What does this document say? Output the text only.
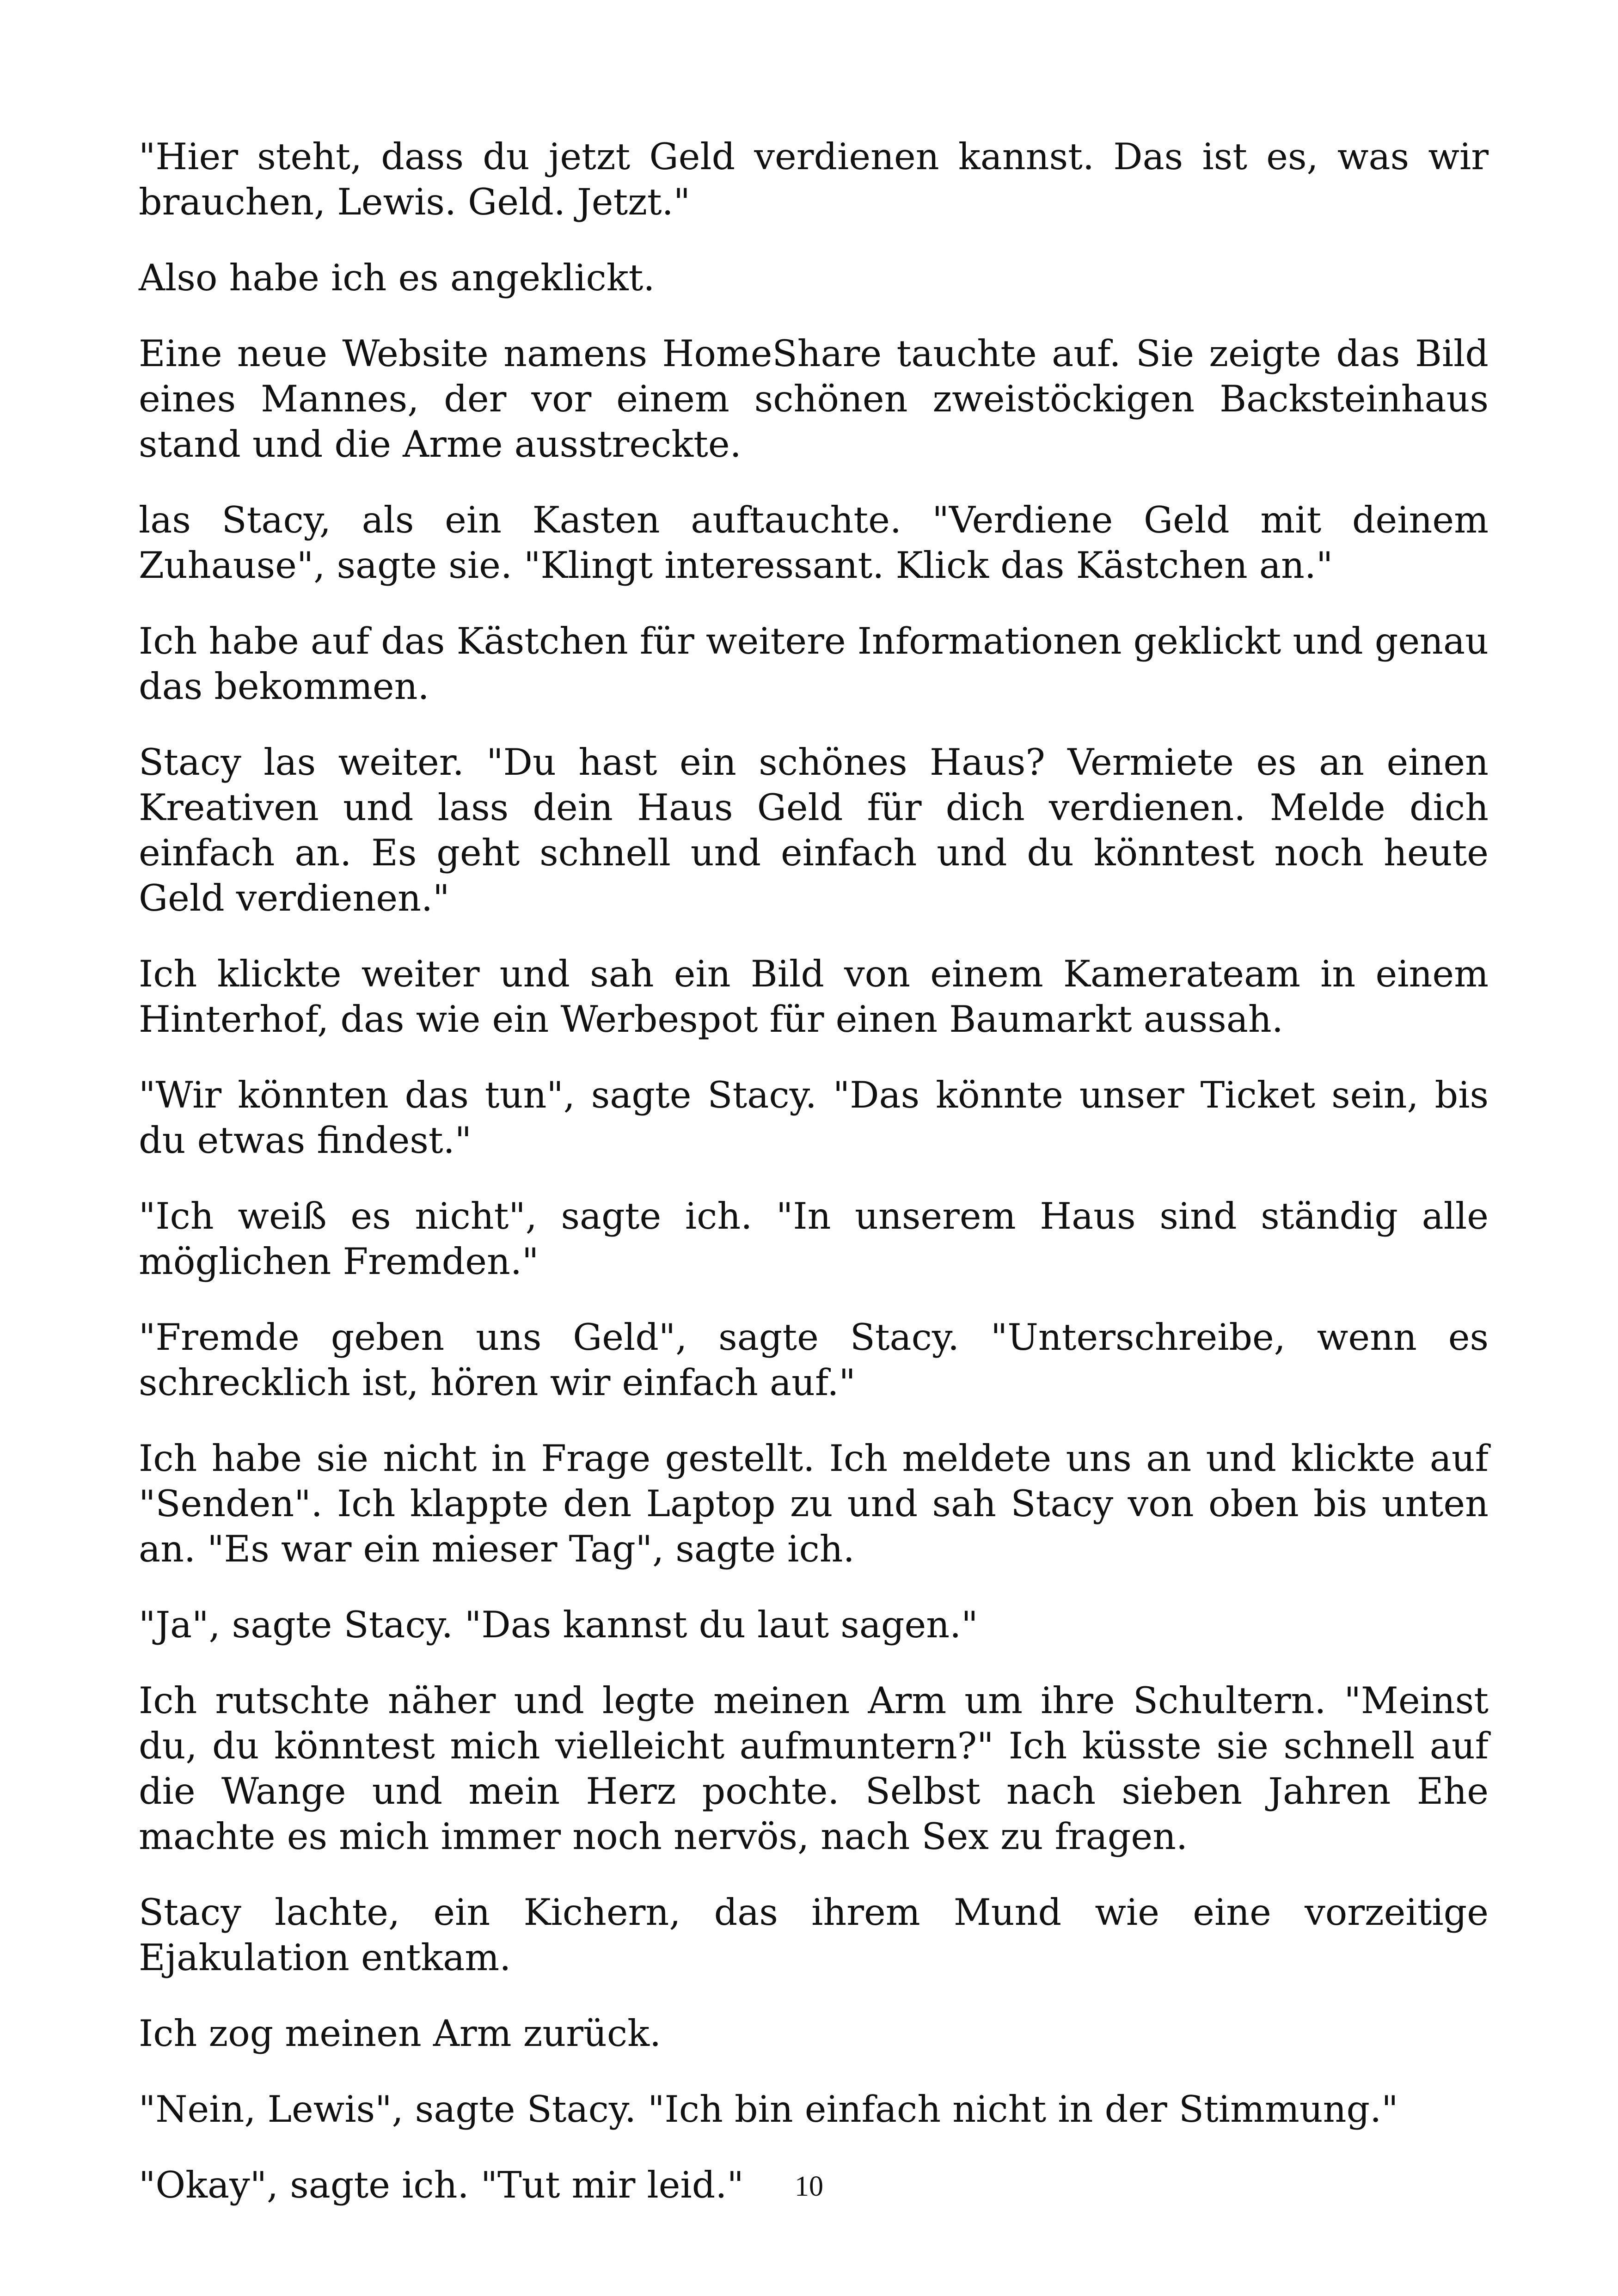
"Hier steht, dass du jetzt Geld verdienen kannst. Das ist es, was wir brauchen, Lewis. Geld. Jetzt."

Also habe ich es angeklickt.

Eine neue Website namens HomeShare tauchte auf. Sie zeigte das Bild eines Mannes, der vor einem schönen zweistöckigen Backsteinhaus stand und die Arme ausstreckte.

las Stacy, als ein Kasten auftauchte. "Verdiene Geld mit deinem Zuhause", sagte sie. "Klingt interessant. Klick das Kästchen an."

Ich habe auf das Kästchen für weitere Informationen geklickt und genau das bekommen.

Stacy las weiter. "Du hast ein schönes Haus? Vermiete es an einen Kreativen und lass dein Haus Geld für dich verdienen. Melde dich einfach an. Es geht schnell und einfach und du könntest noch heute Geld verdienen."

Ich klickte weiter und sah ein Bild von einem Kamerateam in einem Hinterhof, das wie ein Werbespot für einen Baumarkt aussah.

"Wir könnten das tun", sagte Stacy. "Das könnte unser Ticket sein, bis du etwas findest."

"Ich weiß es nicht", sagte ich. "In unserem Haus sind ständig alle möglichen Fremden."

"Fremde geben uns Geld", sagte Stacy. "Unterschreibe, wenn es schrecklich ist, hören wir einfach auf."

Ich habe sie nicht in Frage gestellt. Ich meldete uns an und klickte auf "Senden". Ich klappte den Laptop zu und sah Stacy von oben bis unten an. "Es war ein mieser Tag", sagte ich.

"Ja", sagte Stacy. "Das kannst du laut sagen."

Ich rutschte näher und legte meinen Arm um ihre Schultern. "Meinst du, du könntest mich vielleicht aufmuntern?" Ich küsste sie schnell auf die Wange und mein Herz pochte. Selbst nach sieben Jahren Ehe machte es mich immer noch nervös, nach Sex zu fragen.

Stacy lachte, ein Kichern, das ihrem Mund wie eine vorzeitige Ejakulation entkam.

Ich zog meinen Arm zurück.

"Nein, Lewis", sagte Stacy. "Ich bin einfach nicht in der Stimmung."

"Okay", sagte ich. "Tut mir leid."	10
